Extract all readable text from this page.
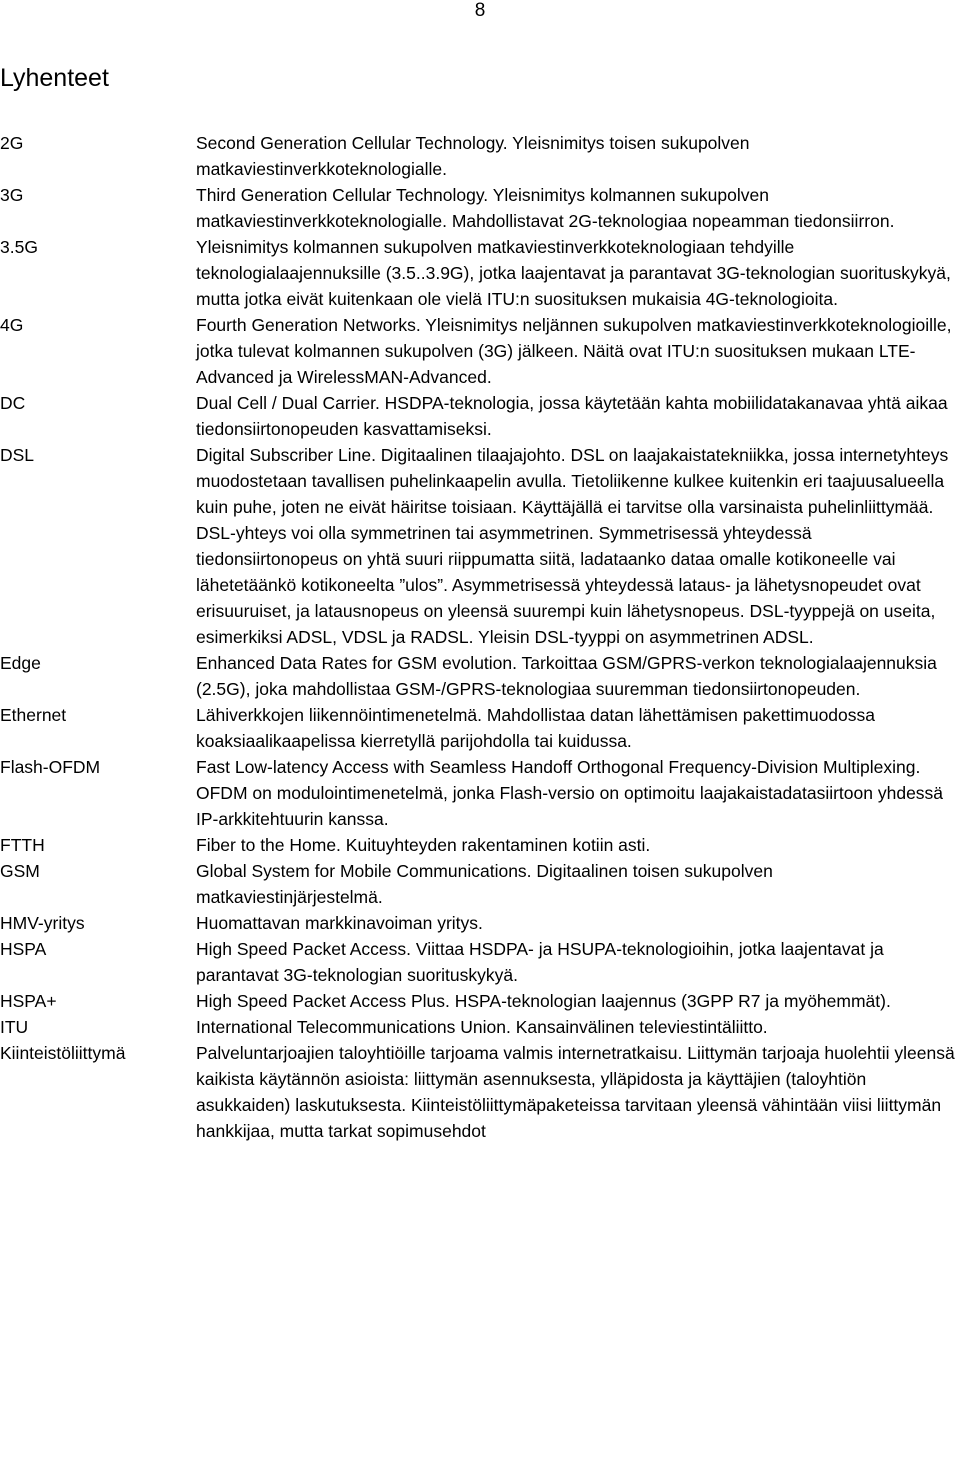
8
Lyhenteet
2G	Second Generation Cellular Technology. Yleisnimitys toisen sukupolven matkaviestinverkkoteknologialle.
3G	Third Generation Cellular Technology. Yleisnimitys kolmannen sukupolven matkaviestinverkkoteknologialle. Mahdollistavat 2G-teknologiaa nopeamman tiedonsiirron.
3.5G	Yleisnimitys kolmannen sukupolven matkaviestinverkkoteknologiaan tehdyille teknologialaajennuksille (3.5..3.9G), jotka laajentavat ja parantavat 3G-teknologian suorituskykyä, mutta jotka eivät kuitenkaan ole vielä ITU:n suosituksen mukaisia 4G-teknologioita.
4G	Fourth Generation Networks. Yleisnimitys neljännen sukupolven matkaviestinverkkoteknologioille, jotka tulevat kolmannen sukupolven (3G) jälkeen. Näitä ovat ITU:n suosituksen mukaan LTE-Advanced ja WirelessMAN-Advanced.
DC	Dual Cell / Dual Carrier. HSDPA-teknologia, jossa käytetään kahta mobiilidatakanavaa yhtä aikaa tiedonsiirtonopeuden kasvattamiseksi.
DSL	Digital Subscriber Line. Digitaalinen tilaajajohto. DSL on laajakaistatekniikka, jossa internetyhteys muodostetaan tavallisen puhelinkaapelin avulla. Tietoliikenne kulkee kuitenkin eri taajuusalueella kuin puhe, joten ne eivät häiritse toisiaan. Käyttäjällä ei tarvitse olla varsinaista puhelinliittymää. DSL-yhteys voi olla symmetrinen tai asymmetrinen. Symmetrisessä yhteydessä tiedonsiirtonopeus on yhtä suuri riippumatta siitä, ladataanko dataa omalle kotikoneelle vai lähetetäänkö kotikoneelta ”ulos”. Asymmetrisessä yhteydessä lataus- ja lähetysnopeudet ovat erisuuruiset, ja latausnopeus on yleensä suurempi kuin lähetysnopeus. DSL-tyyppejä on useita, esimerkiksi ADSL, VDSL ja RADSL. Yleisin DSL-tyyppi on asymmetrinen ADSL.
Edge	Enhanced Data Rates for GSM evolution. Tarkoittaa GSM/GPRS-verkon teknologialaajennuksia (2.5G), joka mahdollistaa GSM-/GPRS-teknologiaa suuremman tiedonsiirtonopeuden.
Ethernet	Lähiverkkojen liikennöintimenetelmä. Mahdollistaa datan lähettämisen pakettimuodossa koaksiaalikaapelissa kierretyllä parijohdolla tai kuidussa.
Flash-OFDM	Fast Low-latency Access with Seamless Handoff Orthogonal Frequency-Division Multiplexing. OFDM on modulointimenetelmä, jonka Flash-versio on optimoitu laajakaistadatasiirtoon yhdessä IP-arkkitehtuurin kanssa.
FTTH	Fiber to the Home. Kuituyhteyden rakentaminen kotiin asti.
GSM	Global System for Mobile Communications. Digitaalinen toisen sukupolven matkaviestinjärjestelmä.
HMV-yritys	Huomattavan markkinavoiman yritys.
HSPA	High Speed Packet Access. Viittaa HSDPA- ja HSUPA-teknologioihin, jotka laajentavat ja parantavat 3G-teknologian suorituskykyä.
HSPA+	High Speed Packet Access Plus. HSPA-teknologian laajennus (3GPP R7 ja myöhemmät).
ITU	International Telecommunications Union. Kansainvälinen televiestintäliitto.
Kiinteistöliittymä	Palveluntarjoajien taloyhtiöille tarjoama valmis internetratkaisu. Liittymän tarjoaja huolehtii yleensä kaikista käytännön asioista: liittymän asennuksesta, ylläpidosta ja käyttäjien (taloyhtiön asukkaiden) laskutuksesta. Kiinteistöliittymäpaketeissa tarvitaan yleensä vähintään viisi liittymän hankkijaa, mutta tarkat sopimusehdot
